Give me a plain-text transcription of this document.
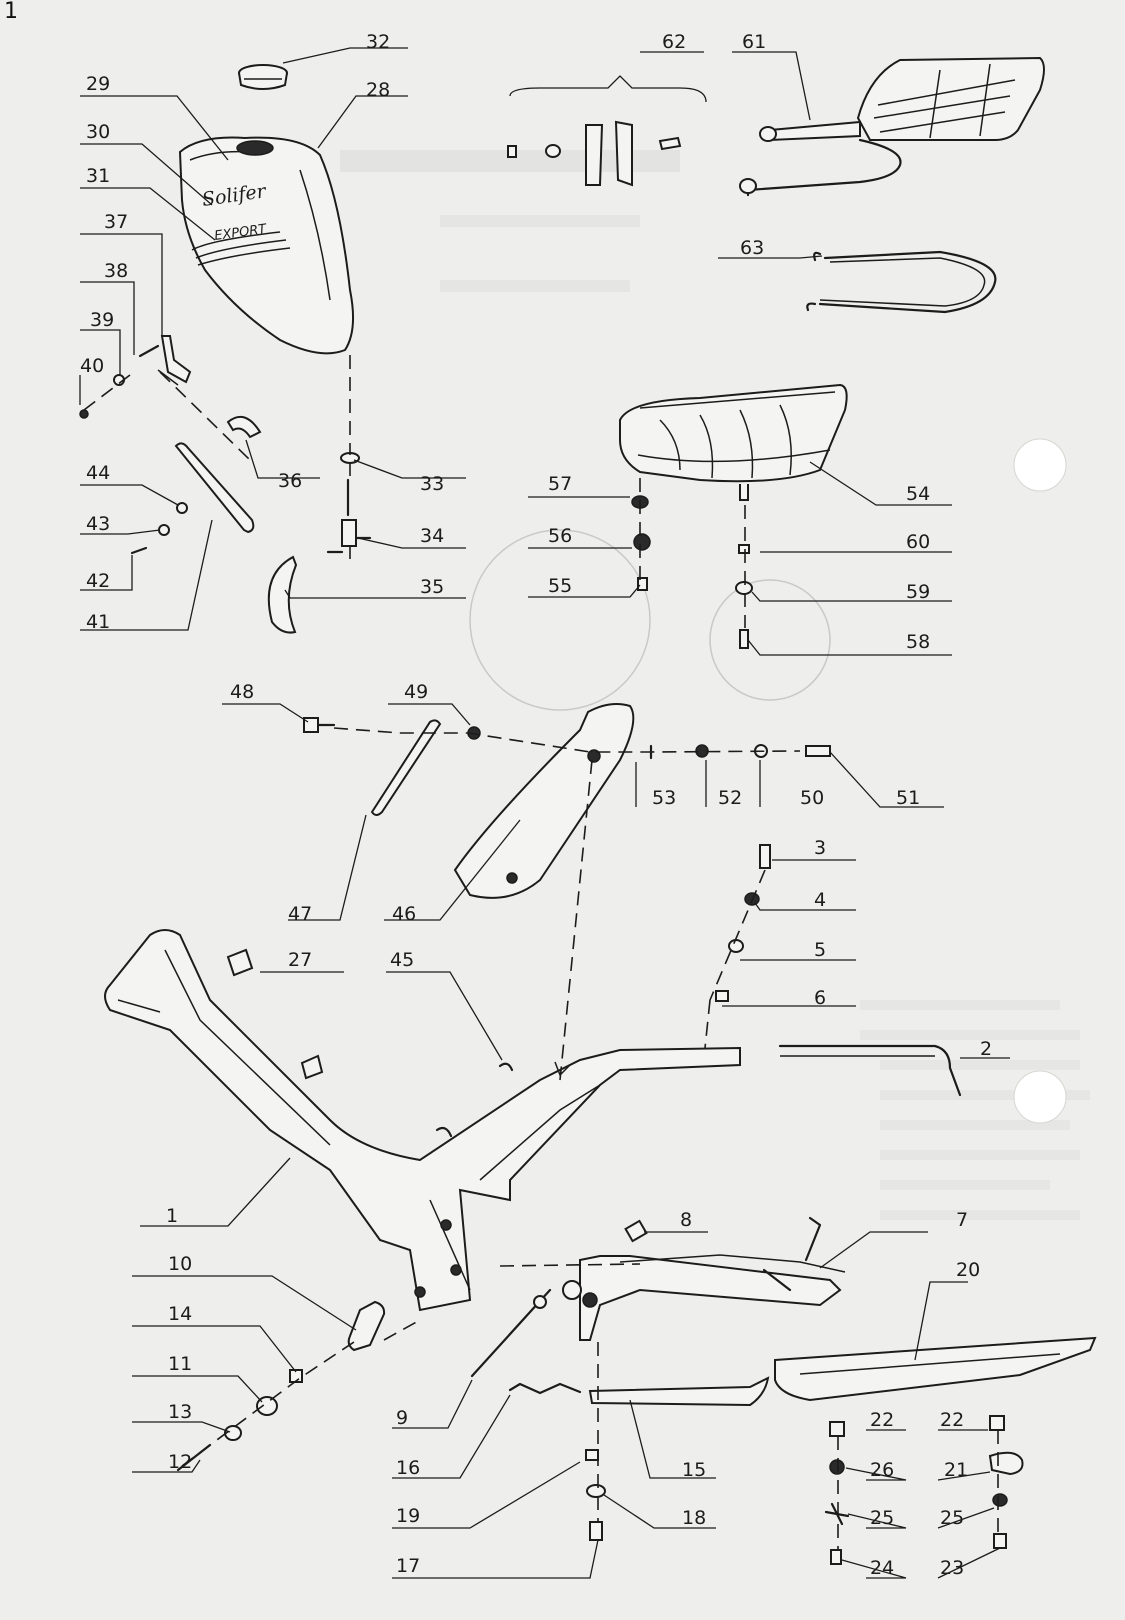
1
Solifer
EXPORT
32
28
29
30
31
37
38
39
40
36
44
43
42
41
33
34
35
62	61
63
54
57
56
55
60
59
58
48	49
53 52	50	51
3
4
5
6
2
47	46
27	45
1	8	7
20
10
14
11
13
12
9
16
19
17
15
18
22 22
26	21
25 25
24 23
